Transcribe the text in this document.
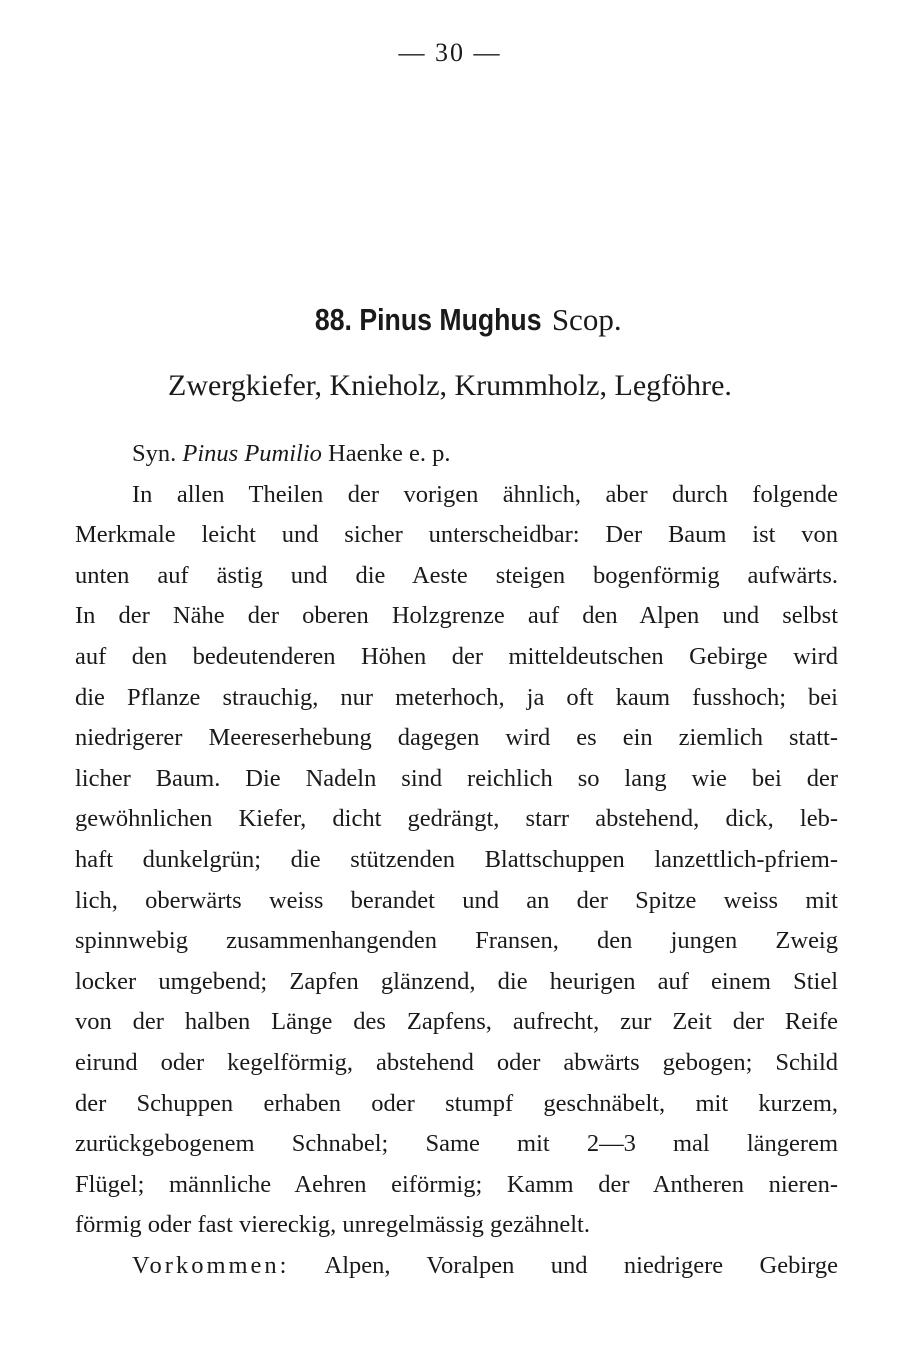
— 30 —
88. Pinus Mughus Scop.
Zwergkiefer, Knieholz, Krummholz, Legföhre.
Syn. Pinus Pumilio Haenke e. p.
In allen Theilen der vorigen ähnlich, aber durch folgende
Merkmale leicht und sicher unterscheidbar: Der Baum ist von
unten auf ästig und die Aeste steigen bogenförmig aufwärts.
In der Nähe der oberen Holzgrenze auf den Alpen und selbst
auf den bedeutenderen Höhen der mitteldeutschen Gebirge wird
die Pflanze strauchig, nur meterhoch, ja oft kaum fusshoch; bei
niedrigerer Meereserhebung dagegen wird es ein ziemlich statt-
licher Baum. Die Nadeln sind reichlich so lang wie bei der
gewöhnlichen Kiefer, dicht gedrängt, starr abstehend, dick, leb-
haft dunkelgrün; die stützenden Blattschuppen lanzettlich-pfriem-
lich, oberwärts weiss berandet und an der Spitze weiss mit
spinnwebig zusammenhangenden Fransen, den jungen Zweig
locker umgebend; Zapfen glänzend, die heurigen auf einem Stiel
von der halben Länge des Zapfens, aufrecht, zur Zeit der Reife
eirund oder kegelförmig, abstehend oder abwärts gebogen; Schild
der Schuppen erhaben oder stumpf geschnäbelt, mit kurzem,
zurückgebogenem Schnabel; Same mit 2—3 mal längerem
Flügel; männliche Aehren eiförmig; Kamm der Antheren nieren-
förmig oder fast viereckig, unregelmässig gezähnelt.
Vorkommen: Alpen, Voralpen und niedrigere Gebirge
